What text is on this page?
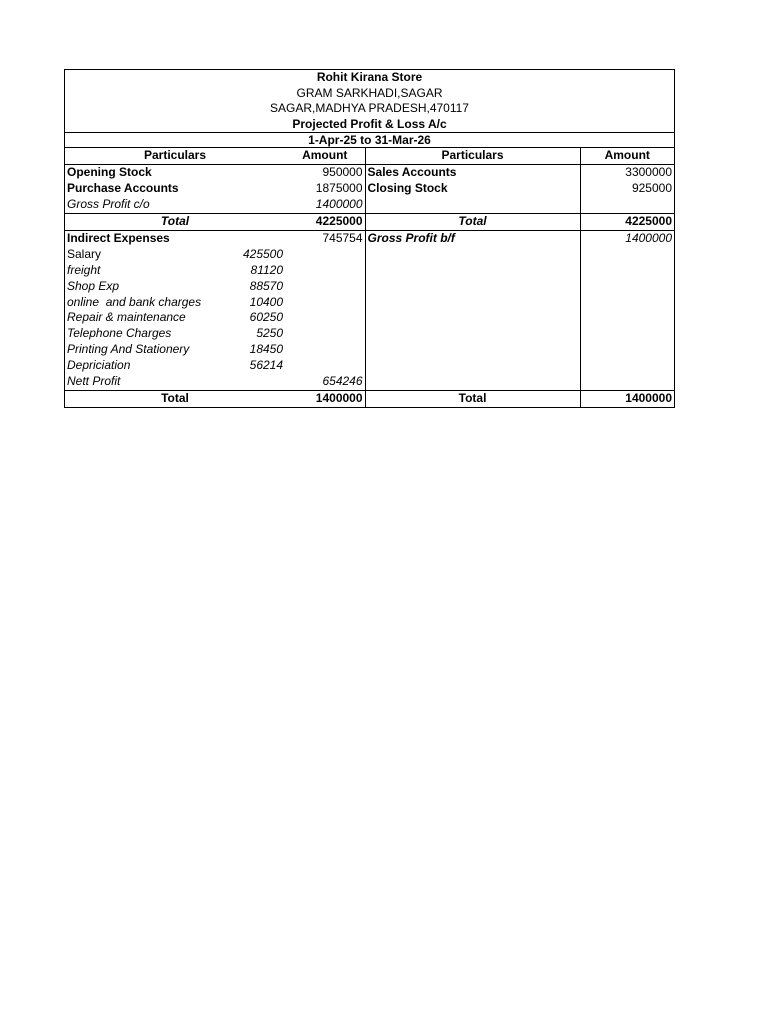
Rohit Kirana Store
GRAM SARKHADI,SAGAR
SAGAR,MADHYA PRADESH,470117
Projected Profit & Loss A/c
1-Apr-25 to 31-Mar-26
Particulars		Amount	Particulars	Amount
Opening Stock		950000	Sales Accounts	3300000
Purchase Accounts		1875000	Closing Stock	925000
Gross Profit c/o		1400000		
Total		4225000	Total	4225000
Indirect Expenses		745754	Gross Profit b/f	1400000
Salary	425500			
freight	81120			
Shop Exp	88570			
online  and bank charges	10400			
Repair & maintenance	60250			
Telephone Charges	5250			
Printing And Stationery	18450			
Depriciation	56214			
Nett Profit		654246		
Total		1400000	Total	1400000
